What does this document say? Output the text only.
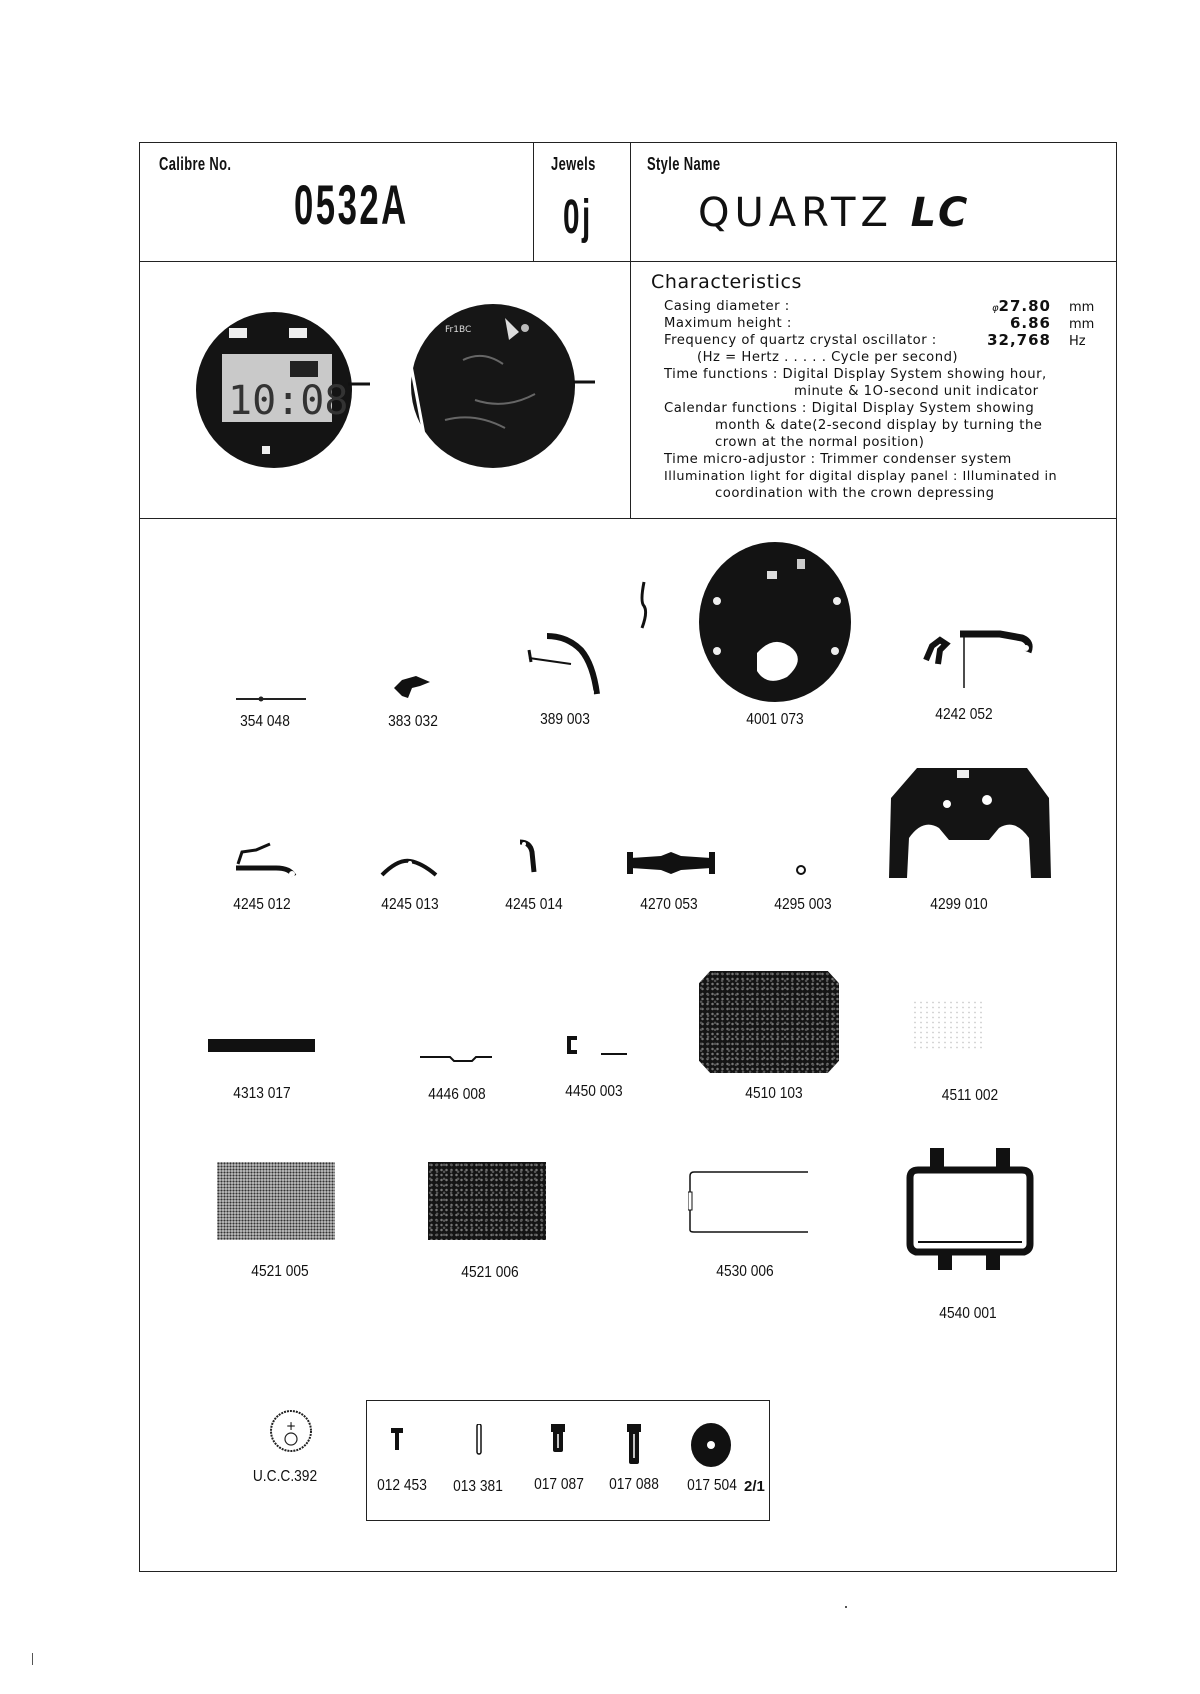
Calibre No.
0532A
Jewels
0j
Style Name
QUARTZ LC
10:08
Fr1BC
Characteristics
Casing diameter :	φ27.80 mm
Maximum height :	6.86 mm
Frequency of quartz crystal oscillator :	32,768 Hz
(Hz = Hertz . . . . . Cycle per second)
Time functions : Digital Display System showing hour,
minute & 1O-second unit indicator
Calendar functions : Digital Display System showing
month & date(2-second display by turning the
crown at the normal position)
Time micro-adjustor : Trimmer condenser system
Illumination light for digital display panel : Illuminated in
coordination with the crown depressing
354 048	383 032	389 003	4001 073	4242 052
4245 012	4245 013	4245 014	4270 053	4295 003	4299 010
4313 017	4446 008	4450 003	4510 103	4511 002
4521 005	4521 006	4530 006
4540 001
+
U.C.C.392
012 453	013 381	017 087	017 088	017 504 2/1
